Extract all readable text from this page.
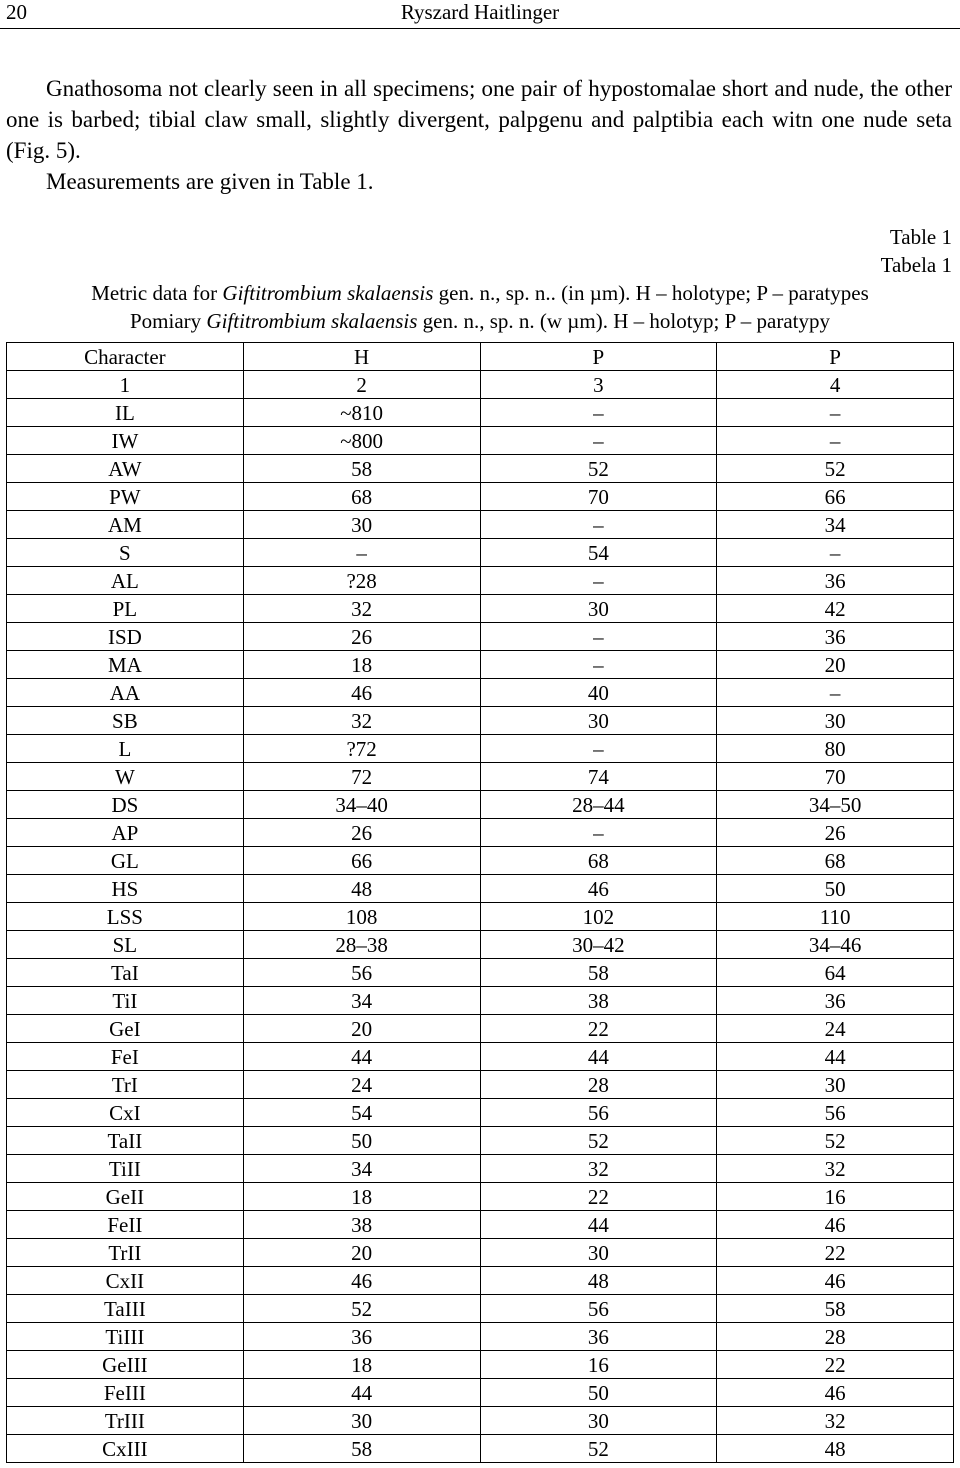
20	Ryszard Haitlinger

Gnathosoma not clearly seen in all specimens; one pair of hypostomalae short and nude, the other one is barbed; tibial claw small, slightly divergent, palpgenu and palptibia each witn one nude seta (Fig. 5).

Measurements are given in Table 1.

Table 1
Tabela 1
Metric data for Giftitrombium skalaensis gen. n., sp. n.. (in µm). H – holotype; P – paratypes
Pomiary Giftitrombium skalaensis gen. n., sp. n. (w µm). H – holotyp; P – paratypy
Character	H	P	P
1	2	3	4
IL	~810	–	–
IW	~800	–	–
AW	58	52	52
PW	68	70	66
AM	30	–	34
S	–	54	–
AL	?28	–	36
PL	32	30	42
ISD	26	–	36
MA	18	–	20
AA	46	40	–
SB	32	30	30
L	?72	–	80
W	72	74	70
DS	34–40	28–44	34–50
AP	26	–	26
GL	66	68	68
HS	48	46	50
LSS	108	102	110
SL	28–38	30–42	34–46
TaI	56	58	64
TiI	34	38	36
GeI	20	22	24
FeI	44	44	44
TrI	24	28	30
CxI	54	56	56
TaII	50	52	52
TiII	34	32	32
GeII	18	22	16
FeII	38	44	46
TrII	20	30	22
CxII	46	48	46
TaIII	52	56	58
TiIII	36	36	28
GeIII	18	16	22
FeIII	44	50	46
TrIII	30	30	32
CxIII	58	52	48
